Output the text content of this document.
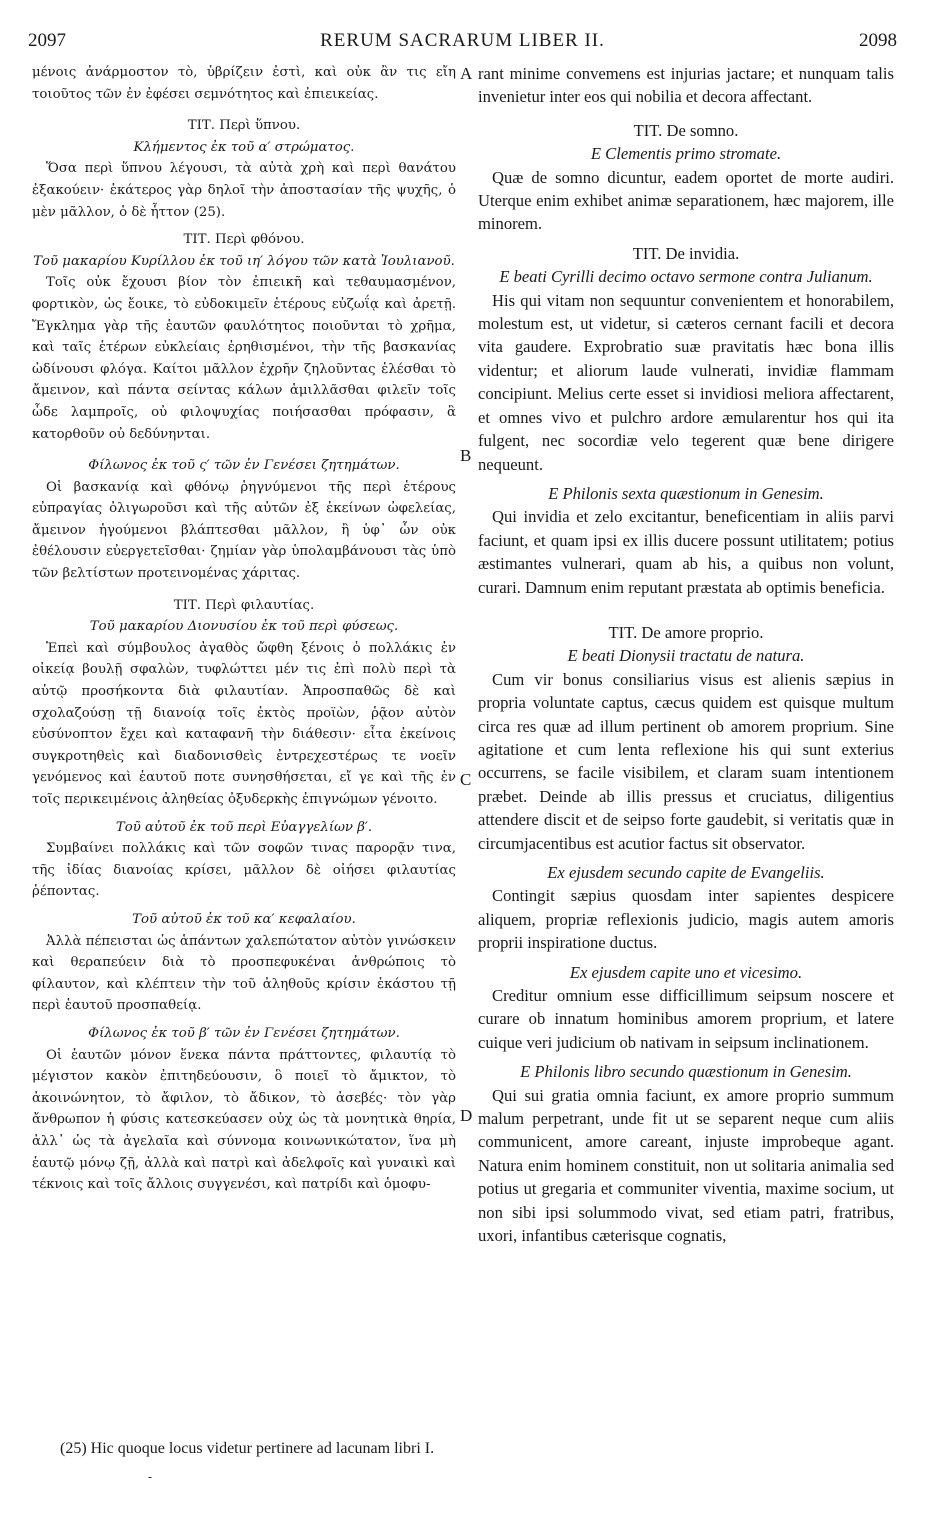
2097	RERUM SACRARUM LIBER II.	2098

μένοις ἀνάρμοστον τὸ, ὑβρίζειν ἐστὶ, καὶ οὐκ ἂν τις εἴη τοιοῦτος τῶν ἐν ἐφέσει σεμνότητος καὶ ἐπιεικείας.

ΤΙΤ. Περὶ ὕπνου.

Κλήμεντος ἐκ τοῦ α′ στρώματος.

Ὅσα περὶ ὕπνου λέγουσι, τὰ αὐτὰ χρὴ καὶ περὶ θανάτου ἐξακούειν· ἑκάτερος γὰρ δηλοῖ τὴν ἀποστασίαν τῆς ψυχῆς, ὁ μὲν μᾶλλον, ὁ δὲ ἧττον (25).

ΤΙΤ. Περὶ φθόνου.

Τοῦ μακαρίου Κυρίλλου ἐκ τοῦ ιη′ λόγου τῶν κατὰ Ἰουλιανοῦ.

Τοῖς οὐκ ἔχουσι βίον τὸν ἐπιεικῆ καὶ τεθαυμασμένον, φορτικὸν, ὡς ἔοικε, τὸ εὐδοκιμεῖν ἑτέρους εὐζωΐᾳ καὶ ἀρετῇ. Ἔγκλημα γὰρ τῆς ἑαυτῶν φαυλότητος ποιοῦνται τὸ χρῆμα, καὶ ταῖς ἑτέρων εὐκλείαις ἐρηθισμένοι, τὴν τῆς βασκανίας ὠδίνουσι φλόγα. Καίτοι μᾶλλον ἐχρῆν ζηλοῦντας ἑλέσθαι τὸ ἄμεινον, καὶ πάντα σείντας κάλων ἁμιλλᾶσθαι φιλεῖν τοῖς ὧδε λαμπροῖς, οὐ φιλοψυχίας ποιήσασθαι πρόφασιν, ἃ κατορθοῦν οὐ δεδύνηνται.

Φίλωνος ἐκ τοῦ ς′ τῶν ἐν Γενέσει ζητημάτων.

Οἱ βασκανίᾳ καὶ φθόνῳ ῥηγνύμενοι τῆς περὶ ἑτέρους εὐπραγίας ὀλιγωροῦσι καὶ τῆς αὐτῶν ἐξ ἐκείνων ὠφελείας, ἄμεινον ἡγούμενοι βλάπτεσθαι μᾶλλον, ἢ ὑφ᾽ ὧν οὐκ ἐθέλουσιν εὐεργετεῖσθαι· ζημίαν γὰρ ὑπολαμβάνουσι τὰς ὑπὸ τῶν βελτίστων προτεινομένας χάριτας.

ΤΙΤ. Περὶ φιλαυτίας.

Τοῦ μακαρίου Διονυσίου ἐκ τοῦ περὶ φύσεως.

Ἐπεὶ καὶ σύμβουλος ἀγαθὸς ὤφθη ξένοις ὁ πολλάκις ἐν οἰκείᾳ βουλῇ σφαλὼν, τυφλώττει μέν τις ἐπὶ πολὺ περὶ τὰ αὑτῷ προσήκοντα διὰ φιλαυτίαν. Ἀπροσπαθῶς δὲ καὶ σχολαζούσῃ τῇ διανοίᾳ τοῖς ἐκτὸς προϊὼν, ῥᾷον αὐτὸν εὐσύνοπτον ἔχει καὶ καταφανῆ τὴν διάθεσιν· εἶτα ἐκείνοις συγκροτηθεὶς καὶ διαδονισθεὶς ἐντρεχεστέρως τε νοεῖν γενόμενος καὶ ἑαυτοῦ ποτε συνησθήσεται, εἴ γε καὶ τῆς ἐν τοῖς περικειμένοις ἀληθείας ὀξυδερκὴς ἐπιγνώμων γένοιτο.

Τοῦ αὐτοῦ ἐκ τοῦ περὶ Εὐαγγελίων β′.

Συμβαίνει πολλάκις καὶ τῶν σοφῶν τινας παρορᾷν τινα, τῆς ἰδίας διανοίας κρίσει, μᾶλλον δὲ οἰήσει φιλαυτίας ῥέποντας.

Τοῦ αὐτοῦ ἐκ τοῦ κα′ κεφαλαίου.

Ἀλλὰ πέπεισται ὡς ἁπάντων χαλεπώτατον αὑτὸν γινώσκειν καὶ θεραπεύειν διὰ τὸ προσπεφυκέναι ἀνθρώποις τὸ φίλαυτον, καὶ κλέπτειν τὴν τοῦ ἀληθοῦς κρίσιν ἑκάστου τῇ περὶ ἑαυτοῦ προσπαθείᾳ.

Φίλωνος ἐκ τοῦ β′ τῶν ἐν Γενέσει ζητημάτων.

Οἱ ἑαυτῶν μόνον ἕνεκα πάντα πράττοντες, φιλαυτίᾳ τὸ μέγιστον κακὸν ἐπιτηδεύουσιν, ὃ ποιεῖ τὸ ἄμικτον, τὸ ἀκοινώνητον, τὸ ἄφιλον, τὸ ἄδικον, τὸ ἀσεβές· τὸν γὰρ ἄνθρωπον ἡ φύσις κατεσκεύασεν οὐχ ὡς τὰ μονητικὰ θηρία, ἀλλ᾽ ὡς τὰ ἀγελαῖα καὶ σύννομα κοινωνικώτατον, ἵνα μὴ ἑαυτῷ μόνῳ ζῇ, ἀλλὰ καὶ πατρὶ καὶ ἀδελφοῖς καὶ γυναικὶ καὶ τέκνοις καὶ τοῖς ἄλλοις συγγενέσι, καὶ πατρίδι καὶ ὁμοφυ-

rant minime convemens est injurias jactare; et nunquam talis invenietur inter eos qui nobilia et decora affectant.

TIT. De somno.

E Clementis primo stromate.

Quæ de somno dicuntur, eadem oportet de morte audiri. Uterque enim exhibet animæ separationem, hæc majorem, ille minorem.

TIT. De invidia.

E beati Cyrilli decimo octavo sermone contra Julianum.

His qui vitam non sequuntur convenientem et honorabilem, molestum est, ut videtur, si cæteros cernant facili et decora vita gaudere. Exprobratio suæ pravitatis hæc bona illis videntur; et aliorum laude vulnerati, invidiæ flammam concipiunt. Melius certe esset si invidiosi meliora affectarent, et omnes vivo et pulchro ardore æmularentur hos qui ita fulgent, nec socordiæ velo tegerent quæ bene dirigere nequeunt.

E Philonis sexta quæstionum in Genesim.

Qui invidia et zelo excitantur, beneficentiam in aliis parvi faciunt, et quam ipsi ex illis ducere possunt utilitatem; potius æstimantes vulnerari, quam ab his, a quibus non volunt, curari. Damnum enim reputant præstata ab optimis beneficia.

TIT. De amore proprio.

E beati Dionysii tractatu de natura.

Cum vir bonus consiliarius visus est alienis sæpius in propria voluntate captus, cæcus quidem est quisque multum circa res quæ ad illum pertinent ob amorem proprium. Sine agitatione et cum lenta reflexione his qui sunt exterius occurrens, se facile visibilem, et claram suam intentionem præbet. Deinde ab illis pressus et cruciatus, diligentius attendere discit et de seipso forte gaudebit, si veritatis quæ in circumjacentibus est acutior factus sit observator.

Ex ejusdem secundo capite de Evangeliis.

Contingit sæpius quosdam inter sapientes despicere aliquem, propriæ reflexionis judicio, magis autem amoris proprii inspiratione ductus.

Ex ejusdem capite uno et vicesimo.

Creditur omnium esse difficillimum seipsum noscere et curare ob innatum hominibus amorem proprium, et latere cuique veri judicium ob nativam in seipsum inclinationem.

E Philonis libro secundo quæstionum in Genesim.

Qui sui gratia omnia faciunt, ex amore proprio summum malum perpetrant, unde fit ut se separent neque cum aliis communicent, amore careant, injuste improbeque agant. Natura enim hominem constituit, non ut solitaria animalia sed potius ut gregaria et communiter viventia, maxime socium, ut non sibi ipsi solummodo vivat, sed etiam patri, fratribus, uxori, infantibus cæterisque cognatis,

A
B
C
D
(25) Hic quoque locus videtur pertinere ad lacunam libri I.
-
